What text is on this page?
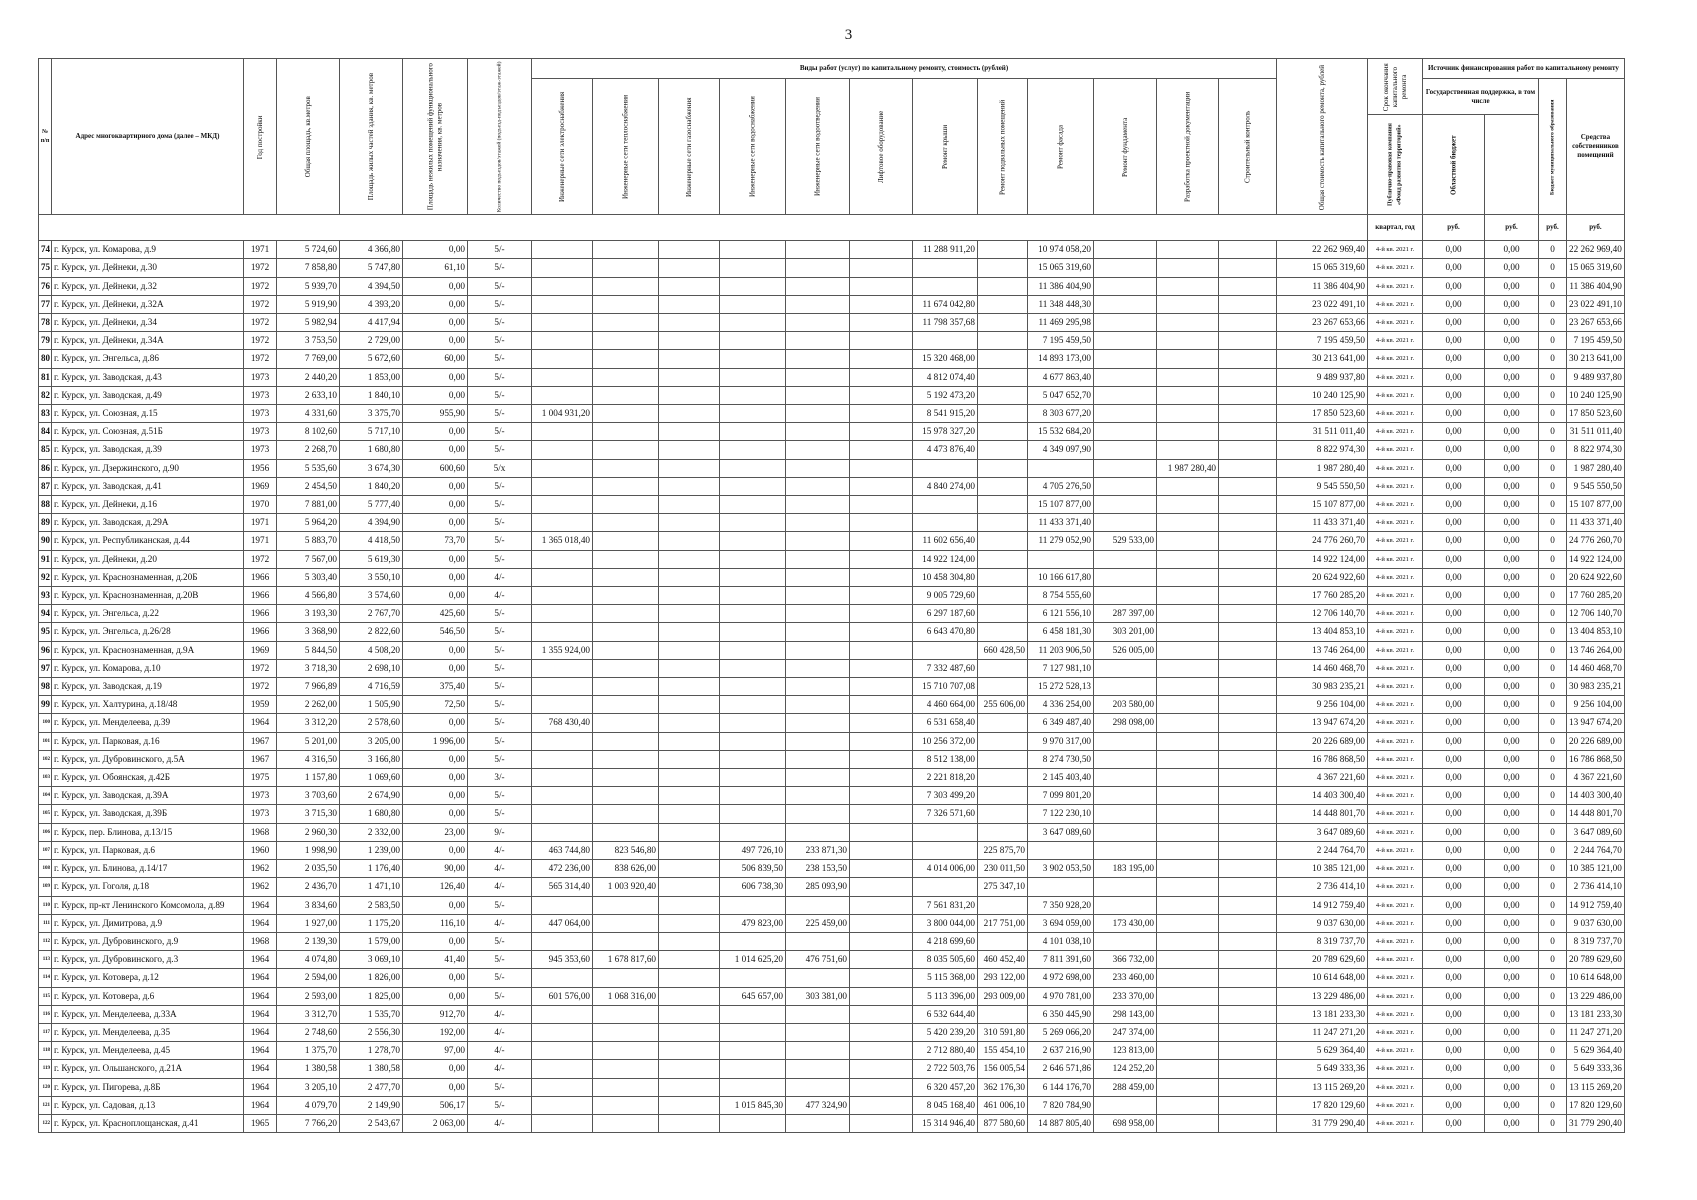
3
№ п/п	Адрес многоквартирного дома (далее – МКД)	Год постройки	Общая площадь, кв.метров	Площадь жилых частей здания, кв. метров	Площадь нежилых помещений функционального назначения, кв. метров	Количество подъездов/этажей (подъезд-подъездов/этаж-этажей)	Виды работ (услуг) по капитальному ремонту, стоимость (рублей)												Общая стоимость капитального ремонта, рублей	Срок окончания капитального ремонта	Источник финансирования работ по капитальному ремонту			
							Инженерные сети электроснабжения	Инженерные сети теплоснабжения	Инженерные сети газоснабжения	Инженерные сети водоснабжения	Инженерные сети водоотведения	Лифтовое оборудование	Ремонт крыши	Ремонт подвальных помещений	Ремонт фасада	Ремонт фундамента	Разработка проектной документации	Строительный контроль			Государственная поддержка, в том числе		Бюджет муниципального образования	Средства собственников помещений
																				Публично-правовая компания «Фонд развития территорий»	Областной бюджет			
																				квартал, год	руб.	руб.	руб.	руб.
74	г. Курск, ул. Комарова, д.9	1971	5 724,60	4 366,80	0,00	5/-							11 288 911,20		10 974 058,20				22 262 969,40	4-й кв. 2021 г.	0,00	0,00	0	22 262 969,40
75	г. Курск, ул. Дейнеки, д.30	1972	7 858,80	5 747,80	61,10	5/-									15 065 319,60				15 065 319,60	4-й кв. 2021 г.	0,00	0,00	0	15 065 319,60
76	г. Курск, ул. Дейнеки, д.32	1972	5 939,70	4 394,50	0,00	5/-									11 386 404,90				11 386 404,90	4-й кв. 2021 г.	0,00	0,00	0	11 386 404,90
77	г. Курск, ул. Дейнеки, д.32А	1972	5 919,90	4 393,20	0,00	5/-							11 674 042,80		11 348 448,30				23 022 491,10	4-й кв. 2021 г.	0,00	0,00	0	23 022 491,10
78	г. Курск, ул. Дейнеки, д.34	1972	5 982,94	4 417,94	0,00	5/-							11 798 357,68		11 469 295,98				23 267 653,66	4-й кв. 2021 г.	0,00	0,00	0	23 267 653,66
79	г. Курск, ул. Дейнеки, д.34А	1972	3 753,50	2 729,00	0,00	5/-									7 195 459,50				7 195 459,50	4-й кв. 2021 г.	0,00	0,00	0	7 195 459,50
80	г. Курск, ул. Энгельса, д.86	1972	7 769,00	5 672,60	60,00	5/-							15 320 468,00		14 893 173,00				30 213 641,00	4-й кв. 2021 г.	0,00	0,00	0	30 213 641,00
81	г. Курск, ул. Заводская, д.43	1973	2 440,20	1 853,00	0,00	5/-							4 812 074,40		4 677 863,40				9 489 937,80	4-й кв. 2021 г.	0,00	0,00	0	9 489 937,80
82	г. Курск, ул. Заводская, д.49	1973	2 633,10	1 840,10	0,00	5/-							5 192 473,20		5 047 652,70				10 240 125,90	4-й кв. 2021 г.	0,00	0,00	0	10 240 125,90
83	г. Курск, ул. Союзная, д.15	1973	4 331,60	3 375,70	955,90	5/-	1 004 931,20						8 541 915,20		8 303 677,20				17 850 523,60	4-й кв. 2021 г.	0,00	0,00	0	17 850 523,60
84	г. Курск, ул. Союзная, д.51Б	1973	8 102,60	5 717,10	0,00	5/-							15 978 327,20		15 532 684,20				31 511 011,40	4-й кв. 2021 г.	0,00	0,00	0	31 511 011,40
85	г. Курск, ул. Заводская, д.39	1973	2 268,70	1 680,80	0,00	5/-							4 473 876,40		4 349 097,90				8 822 974,30	4-й кв. 2021 г.	0,00	0,00	0	8 822 974,30
86	г. Курск, ул. Дзержинского, д.90	1956	5 535,60	3 674,30	600,60	5/х											1 987 280,40		1 987 280,40	4-й кв. 2021 г.	0,00	0,00	0	1 987 280,40
87	г. Курск, ул. Заводская, д.41	1969	2 454,50	1 840,20	0,00	5/-							4 840 274,00		4 705 276,50				9 545 550,50	4-й кв. 2021 г.	0,00	0,00	0	9 545 550,50
88	г. Курск, ул. Дейнеки, д.16	1970	7 881,00	5 777,40	0,00	5/-									15 107 877,00				15 107 877,00	4-й кв. 2021 г.	0,00	0,00	0	15 107 877,00
89	г. Курск, ул. Заводская, д.29А	1971	5 964,20	4 394,90	0,00	5/-									11 433 371,40				11 433 371,40	4-й кв. 2021 г.	0,00	0,00	0	11 433 371,40
90	г. Курск, ул. Республиканская, д.44	1971	5 883,70	4 418,50	73,70	5/-	1 365 018,40						11 602 656,40		11 279 052,90	529 533,00			24 776 260,70	4-й кв. 2021 г.	0,00	0,00	0	24 776 260,70
91	г. Курск, ул. Дейнеки, д.20	1972	7 567,00	5 619,30	0,00	5/-							14 922 124,00						14 922 124,00	4-й кв. 2021 г.	0,00	0,00	0	14 922 124,00
92	г. Курск, ул. Краснознаменная, д.20Б	1966	5 303,40	3 550,10	0,00	4/-							10 458 304,80		10 166 617,80				20 624 922,60	4-й кв. 2021 г.	0,00	0,00	0	20 624 922,60
93	г. Курск, ул. Краснознаменная, д.20В	1966	4 566,80	3 574,60	0,00	4/-							9 005 729,60		8 754 555,60				17 760 285,20	4-й кв. 2021 г.	0,00	0,00	0	17 760 285,20
94	г. Курск, ул. Энгельса, д.22	1966	3 193,30	2 767,70	425,60	5/-							6 297 187,60		6 121 556,10	287 397,00			12 706 140,70	4-й кв. 2021 г.	0,00	0,00	0	12 706 140,70
95	г. Курск, ул. Энгельса, д.26/28	1966	3 368,90	2 822,60	546,50	5/-							6 643 470,80		6 458 181,30	303 201,00			13 404 853,10	4-й кв. 2021 г.	0,00	0,00	0	13 404 853,10
96	г. Курск, ул. Краснознаменная, д.9А	1969	5 844,50	4 508,20	0,00	5/-	1 355 924,00							660 428,50	11 203 906,50	526 005,00			13 746 264,00	4-й кв. 2021 г.	0,00	0,00	0	13 746 264,00
97	г. Курск, ул. Комарова, д.10	1972	3 718,30	2 698,10	0,00	5/-							7 332 487,60		7 127 981,10				14 460 468,70	4-й кв. 2021 г.	0,00	0,00	0	14 460 468,70
98	г. Курск, ул. Заводская, д.19	1972	7 966,89	4 716,59	375,40	5/-							15 710 707,08		15 272 528,13				30 983 235,21	4-й кв. 2021 г.	0,00	0,00	0	30 983 235,21
99	г. Курск, ул. Халтурина, д.18/48	1959	2 262,00	1 505,90	72,50	5/-							4 460 664,00	255 606,00	4 336 254,00	203 580,00			9 256 104,00	4-й кв. 2021 г.	0,00	0,00	0	9 256 104,00
100	г. Курск, ул. Менделеева, д.39	1964	3 312,20	2 578,60	0,00	5/-	768 430,40						6 531 658,40		6 349 487,40	298 098,00			13 947 674,20	4-й кв. 2021 г.	0,00	0,00	0	13 947 674,20
101	г. Курск, ул. Парковая, д.16	1967	5 201,00	3 205,00	1 996,00	5/-							10 256 372,00		9 970 317,00				20 226 689,00	4-й кв. 2021 г.	0,00	0,00	0	20 226 689,00
102	г. Курск, ул. Дубровинского, д.5А	1967	4 316,50	3 166,80	0,00	5/-							8 512 138,00		8 274 730,50				16 786 868,50	4-й кв. 2021 г.	0,00	0,00	0	16 786 868,50
103	г. Курск, ул. Обоянская, д.42Б	1975	1 157,80	1 069,60	0,00	3/-							2 221 818,20		2 145 403,40				4 367 221,60	4-й кв. 2021 г.	0,00	0,00	0	4 367 221,60
104	г. Курск, ул. Заводская, д.39А	1973	3 703,60	2 674,90	0,00	5/-							7 303 499,20		7 099 801,20				14 403 300,40	4-й кв. 2021 г.	0,00	0,00	0	14 403 300,40
105	г. Курск, ул. Заводская, д.39Б	1973	3 715,30	1 680,80	0,00	5/-							7 326 571,60		7 122 230,10				14 448 801,70	4-й кв. 2021 г.	0,00	0,00	0	14 448 801,70
106	г. Курск, пер. Блинова, д.13/15	1968	2 960,30	2 332,00	23,00	9/-									3 647 089,60				3 647 089,60	4-й кв. 2021 г.	0,00	0,00	0	3 647 089,60
107	г. Курск, ул. Парковая, д.6	1960	1 998,90	1 239,00	0,00	4/-	463 744,80	823 546,80		497 726,10	233 871,30			225 875,70					2 244 764,70	4-й кв. 2021 г.	0,00	0,00	0	2 244 764,70
108	г. Курск, ул. Блинова, д.14/17	1962	2 035,50	1 176,40	90,00	4/-	472 236,00	838 626,00		506 839,50	238 153,50		4 014 006,00	230 011,50	3 902 053,50	183 195,00			10 385 121,00	4-й кв. 2021 г.	0,00	0,00	0	10 385 121,00
109	г. Курск, ул. Гоголя, д.18	1962	2 436,70	1 471,10	126,40	4/-	565 314,40	1 003 920,40		606 738,30	285 093,90			275 347,10					2 736 414,10	4-й кв. 2021 г.	0,00	0,00	0	2 736 414,10
110	г. Курск, пр-кт Ленинского Комсомола, д.89	1964	3 834,60	2 583,50	0,00	5/-							7 561 831,20		7 350 928,20				14 912 759,40	4-й кв. 2021 г.	0,00	0,00	0	14 912 759,40
111	г. Курск, ул. Димитрова, д.9	1964	1 927,00	1 175,20	116,10	4/-	447 064,00			479 823,00	225 459,00		3 800 044,00	217 751,00	3 694 059,00	173 430,00			9 037 630,00	4-й кв. 2021 г.	0,00	0,00	0	9 037 630,00
112	г. Курск, ул. Дубровинского, д.9	1968	2 139,30	1 579,00	0,00	5/-							4 218 699,60		4 101 038,10				8 319 737,70	4-й кв. 2021 г.	0,00	0,00	0	8 319 737,70
113	г. Курск, ул. Дубровинского, д.3	1964	4 074,80	3 069,10	41,40	5/-	945 353,60	1 678 817,60		1 014 625,20	476 751,60		8 035 505,60	460 452,40	7 811 391,60	366 732,00			20 789 629,60	4-й кв. 2021 г.	0,00	0,00	0	20 789 629,60
114	г. Курск, ул. Котовера, д.12	1964	2 594,00	1 826,00	0,00	5/-							5 115 368,00	293 122,00	4 972 698,00	233 460,00			10 614 648,00	4-й кв. 2021 г.	0,00	0,00	0	10 614 648,00
115	г. Курск, ул. Котовера, д.6	1964	2 593,00	1 825,00	0,00	5/-	601 576,00	1 068 316,00		645 657,00	303 381,00		5 113 396,00	293 009,00	4 970 781,00	233 370,00			13 229 486,00	4-й кв. 2021 г.	0,00	0,00	0	13 229 486,00
116	г. Курск, ул. Менделеева, д.33А	1964	3 312,70	1 535,70	912,70	4/-							6 532 644,40		6 350 445,90	298 143,00			13 181 233,30	4-й кв. 2021 г.	0,00	0,00	0	13 181 233,30
117	г. Курск, ул. Менделеева, д.35	1964	2 748,60	2 556,30	192,00	4/-							5 420 239,20	310 591,80	5 269 066,20	247 374,00			11 247 271,20	4-й кв. 2021 г.	0,00	0,00	0	11 247 271,20
118	г. Курск, ул. Менделеева, д.45	1964	1 375,70	1 278,70	97,00	4/-							2 712 880,40	155 454,10	2 637 216,90	123 813,00			5 629 364,40	4-й кв. 2021 г.	0,00	0,00	0	5 629 364,40
119	г. Курск, ул. Ольшанского, д.21А	1964	1 380,58	1 380,58	0,00	4/-							2 722 503,76	156 005,54	2 646 571,86	124 252,20			5 649 333,36	4-й кв. 2021 г.	0,00	0,00	0	5 649 333,36
120	г. Курск, ул. Пигорева, д.8Б	1964	3 205,10	2 477,70	0,00	5/-							6 320 457,20	362 176,30	6 144 176,70	288 459,00			13 115 269,20	4-й кв. 2021 г.	0,00	0,00	0	13 115 269,20
121	г. Курск, ул. Садовая, д.13	1964	4 079,70	2 149,90	506,17	5/-				1 015 845,30	477 324,90		8 045 168,40	461 006,10	7 820 784,90				17 820 129,60	4-й кв. 2021 г.	0,00	0,00	0	17 820 129,60
122	г. Курск, ул. Красноплощанская, д.41	1965	7 766,20	2 543,67	2 063,00	4/-							15 314 946,40	877 580,60	14 887 805,40	698 958,00			31 779 290,40	4-й кв. 2021 г.	0,00	0,00	0	31 779 290,40
